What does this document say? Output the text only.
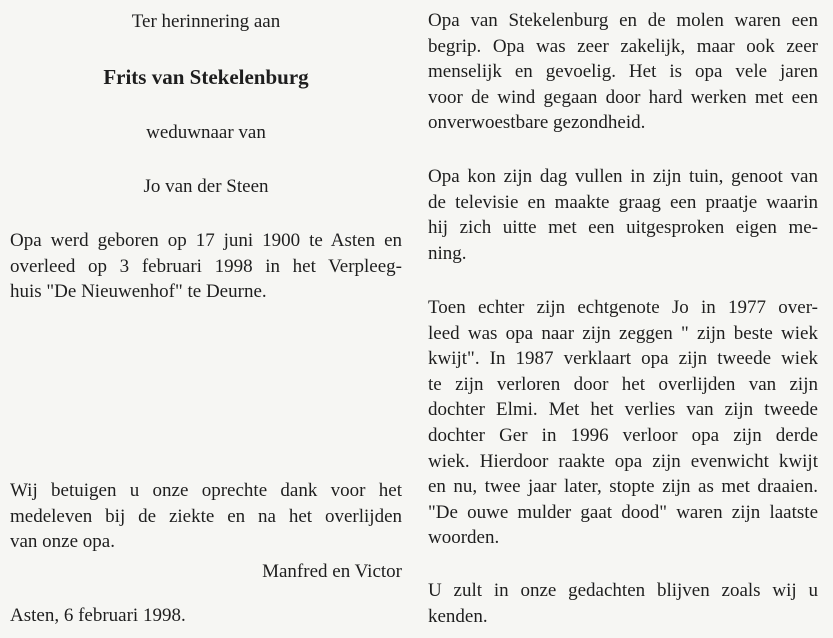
Ter herinnering aan
Frits van Stekelenburg
weduwnaar van
Jo van der Steen
Opa werd geboren op 17 juni 1900 te Asten en
overleed op 3 februari 1998 in het Verpleeg-
huis "De Nieuwenhof" te Deurne.
Wij betuigen u onze oprechte dank voor het
medeleven bij de ziekte en na het overlijden
van onze opa.
Manfred en Victor
Asten, 6 februari 1998.
Opa van Stekelenburg en de molen waren een
begrip. Opa was zeer zakelijk, maar ook zeer
menselijk en gevoelig. Het is opa vele jaren
voor de wind gegaan door hard werken met een
onverwoestbare gezondheid.
Opa kon zijn dag vullen in zijn tuin, genoot van
de televisie en maakte graag een praatje waarin
hij zich uitte met een uitgesproken eigen me-
ning.
Toen echter zijn echtgenote Jo in 1977 over-
leed was opa naar zijn zeggen " zijn beste wiek
kwijt". In 1987 verklaart opa zijn tweede wiek
te zijn verloren door het overlijden van zijn
dochter Elmi. Met het verlies van zijn tweede
dochter Ger in 1996 verloor opa zijn derde
wiek. Hierdoor raakte opa zijn evenwicht kwijt
en nu, twee jaar later, stopte zijn as met draaien.
"De ouwe mulder gaat dood" waren zijn laatste
woorden.
U zult in onze gedachten blijven zoals wij u
kenden.
